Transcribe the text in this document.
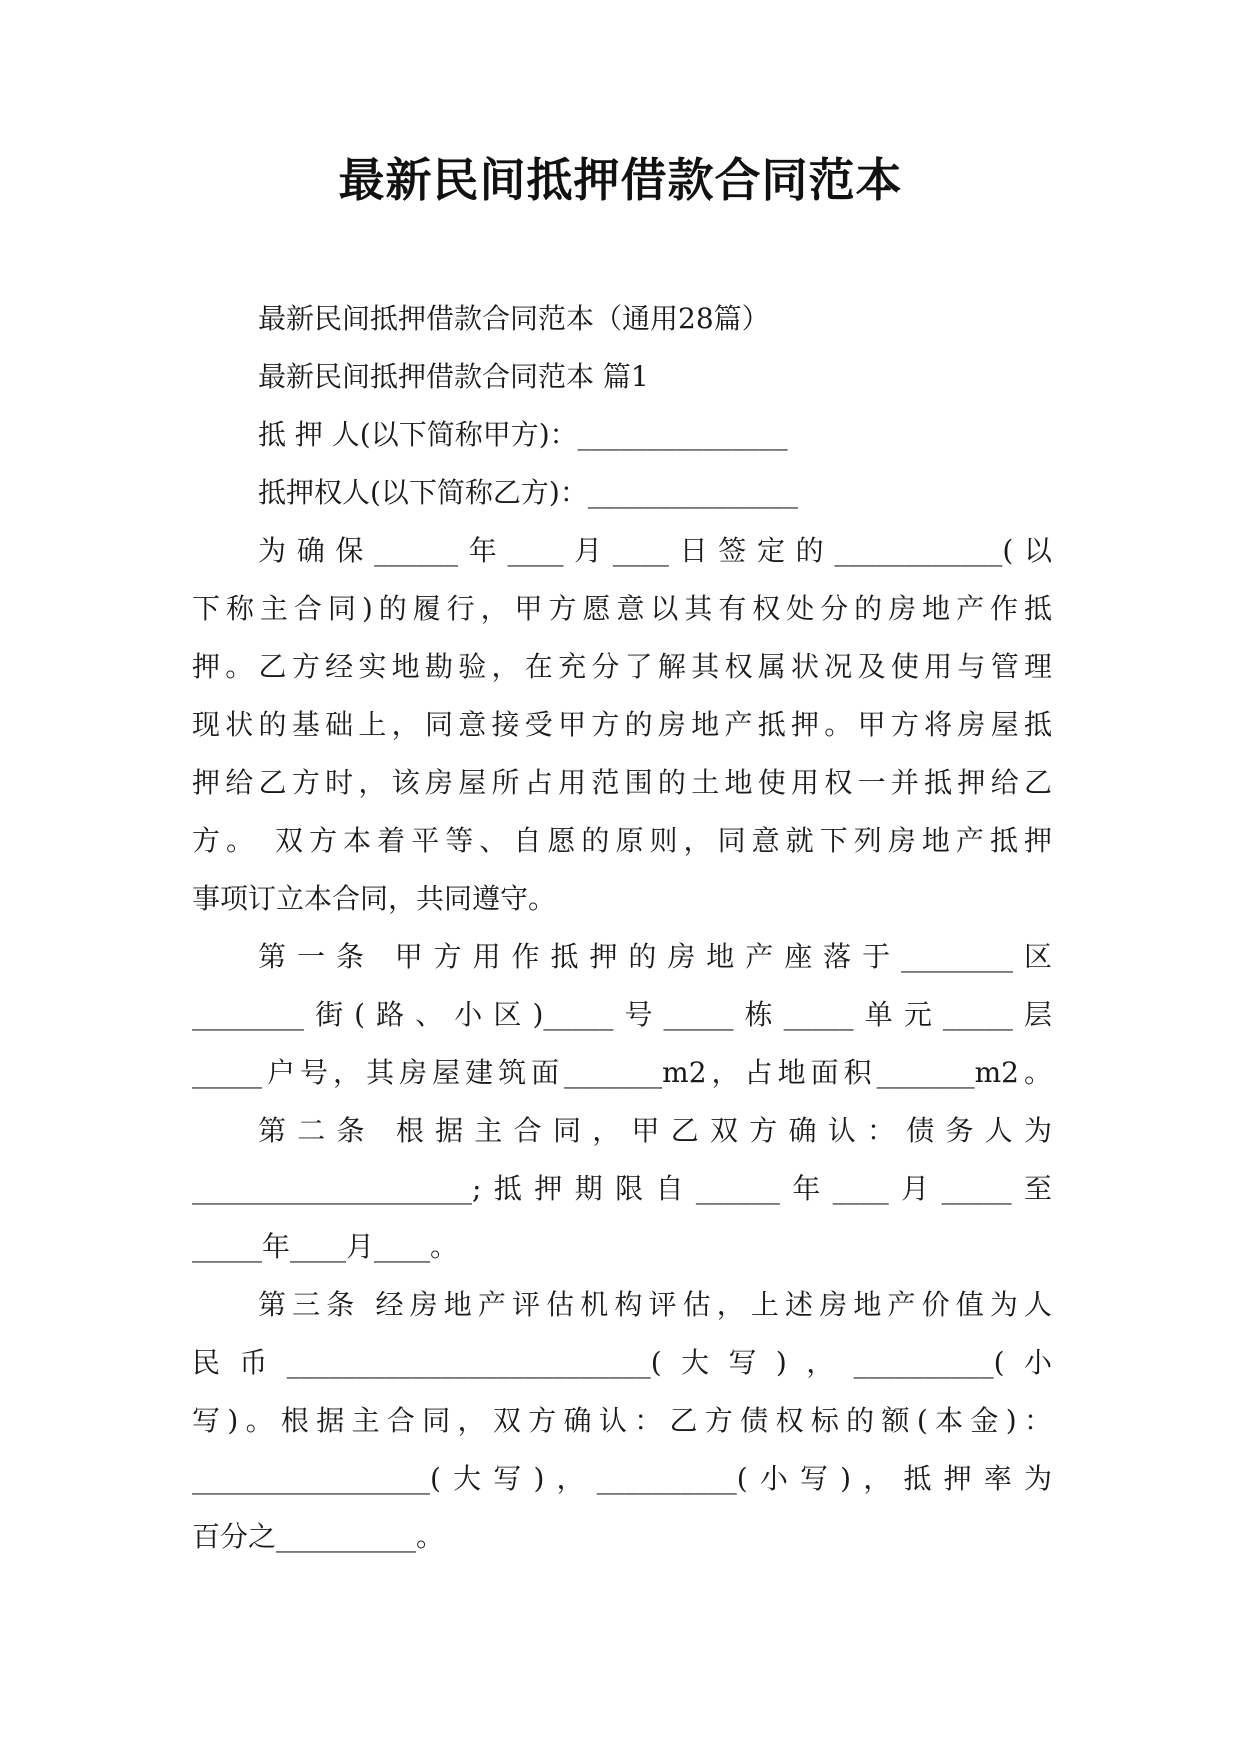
最新民间抵押借款合同范本
最新民间抵押借款合同范本（通用28篇）
最新民间抵押借款合同范本 篇1
抵 押 人(以下简称甲方)：_______________
抵押权人(以下简称乙方)：_______________
为确保______年____月____日签定的____________(以
下称主合同)的履行，甲方愿意以其有权处分的房地产作抵
押。乙方经实地勘验，在充分了解其权属状况及使用与管理
现状的基础上，同意接受甲方的房地产抵押。甲方将房屋抵
押给乙方时，该房屋所占用范围的土地使用权一并抵押给乙
方。 双方本着平等、自愿的原则，同意就下列房地产抵押
事项订立本合同，共同遵守。
第一条 甲方用作抵押的房地产座落于________区
________街(路、小区)_____号_____栋_____单元_____层
_____户号，其房屋建筑面_______m2，占地面积_______m2。
第二条 根据主合同，甲乙双方确认：债务人为
____________________;抵押期限自______年____月_____至
_____年____月____。
第三条 经房地产评估机构评估，上述房地产价值为人
民币__________________________(大写)，__________(小
写)。根据主合同，双方确认：乙方债权标的额(本金)：
_________________(大写)，__________(小写)，抵押率为
百分之__________。
